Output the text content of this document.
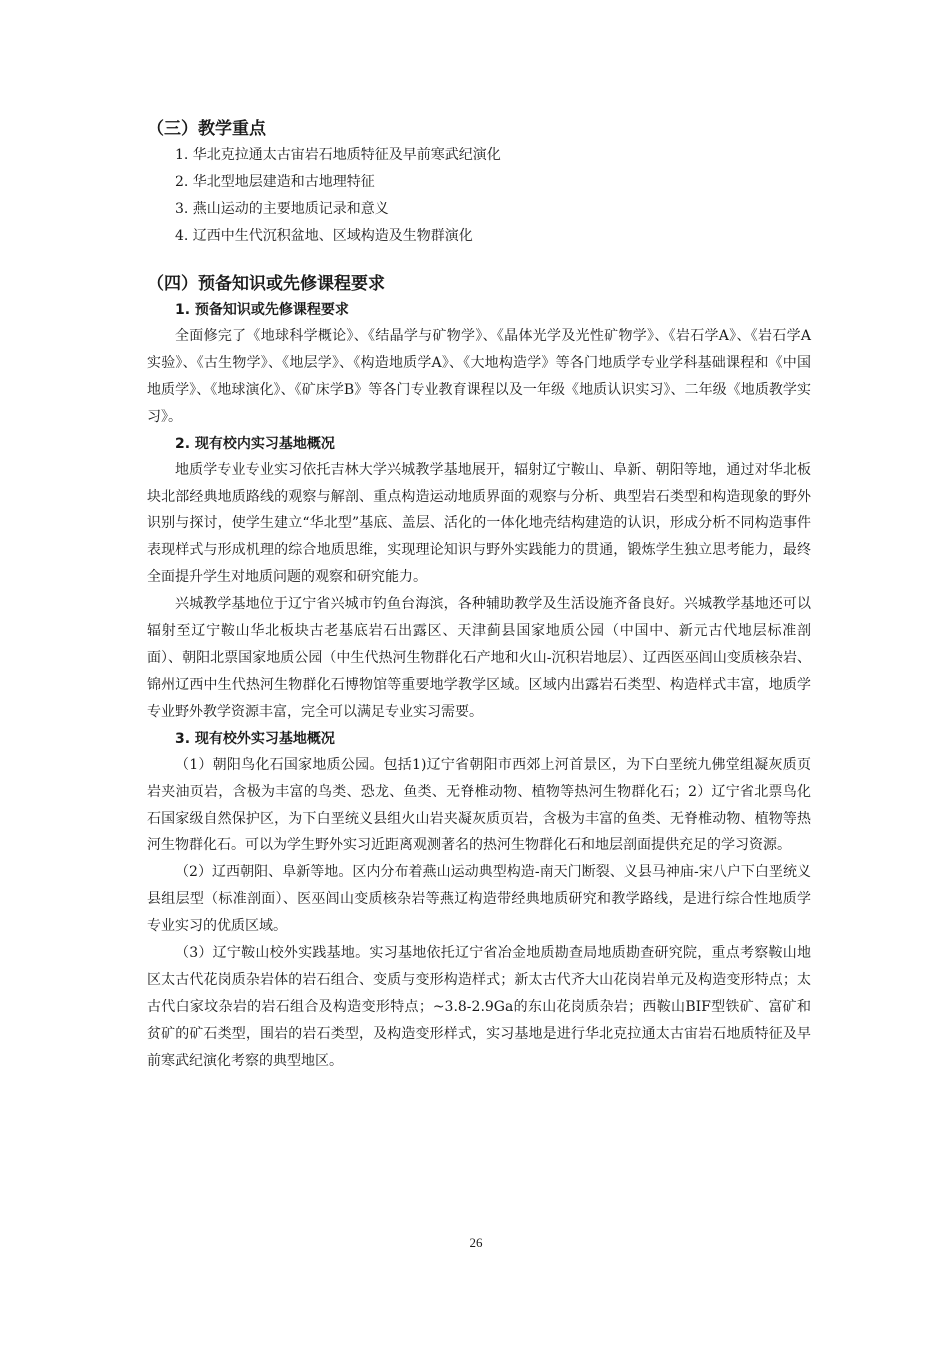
（三）教学重点
1. 华北克拉通太古宙岩石地质特征及早前寒武纪演化
2. 华北型地层建造和古地理特征
3. 燕山运动的主要地质记录和意义
4. 辽西中生代沉积盆地、区域构造及生物群演化
（四）预备知识或先修课程要求
1. 预备知识或先修课程要求

全面修完了《地球科学概论》、《结晶学与矿物学》、《晶体光学及光性矿物学》、《岩石学A》、《岩石学A实验》、《古生物学》、《地层学》、《构造地质学A》、《大地构造学》等各门地质学专业学科基础课程和《中国地质学》、《地球演化》、《矿床学B》等各门专业教育课程以及一年级《地质认识实习》、二年级《地质教学实习》。

2. 现有校内实习基地概况

地质学专业专业实习依托吉林大学兴城教学基地展开，辐射辽宁鞍山、阜新、朝阳等地，通过对华北板块北部经典地质路线的观察与解剖、重点构造运动地质界面的观察与分析、典型岩石类型和构造现象的野外识别与探讨，使学生建立“华北型”基底、盖层、活化的一体化地壳结构建造的认识，形成分析不同构造事件表现样式与形成机理的综合地质思维，实现理论知识与野外实践能力的贯通，锻炼学生独立思考能力，最终全面提升学生对地质问题的观察和研究能力。

兴城教学基地位于辽宁省兴城市钓鱼台海滨，各种辅助教学及生活设施齐备良好。兴城教学基地还可以辐射至辽宁鞍山华北板块古老基底岩石出露区、天津蓟县国家地质公园（中国中、新元古代地层标准剖面）、朝阳北票国家地质公园（中生代热河生物群化石产地和火山-沉积岩地层）、辽西医巫闾山变质核杂岩、锦州辽西中生代热河生物群化石博物馆等重要地学教学区域。区域内出露岩石类型、构造样式丰富，地质学专业野外教学资源丰富，完全可以满足专业实习需要。

3. 现有校外实习基地概况

（1）朝阳鸟化石国家地质公园。包括1)辽宁省朝阳市西郊上河首景区，为下白垩统九佛堂组凝灰质页岩夹油页岩，含极为丰富的鸟类、恐龙、鱼类、无脊椎动物、植物等热河生物群化石；2）辽宁省北票鸟化石国家级自然保护区，为下白垩统义县组火山岩夹凝灰质页岩，含极为丰富的鱼类、无脊椎动物、植物等热河生物群化石。可以为学生野外实习近距离观测著名的热河生物群化石和地层剖面提供充足的学习资源。

（2）辽西朝阳、阜新等地。区内分布着燕山运动典型构造-南天门断裂、义县马神庙-宋八户下白垩统义县组层型（标准剖面）、医巫闾山变质核杂岩等燕辽构造带经典地质研究和教学路线，是进行综合性地质学专业实习的优质区域。

（3）辽宁鞍山校外实践基地。实习基地依托辽宁省冶金地质勘查局地质勘查研究院，重点考察鞍山地区太古代花岗质杂岩体的岩石组合、变质与变形构造样式；新太古代齐大山花岗岩单元及构造变形特点；太古代白家坟杂岩的岩石组合及构造变形特点；~3.8-2.9Ga的东山花岗质杂岩；西鞍山BIF型铁矿、富矿和贫矿的矿石类型，围岩的岩石类型，及构造变形样式，实习基地是进行华北克拉通太古宙岩石地质特征及早前寒武纪演化考察的典型地区。

26
